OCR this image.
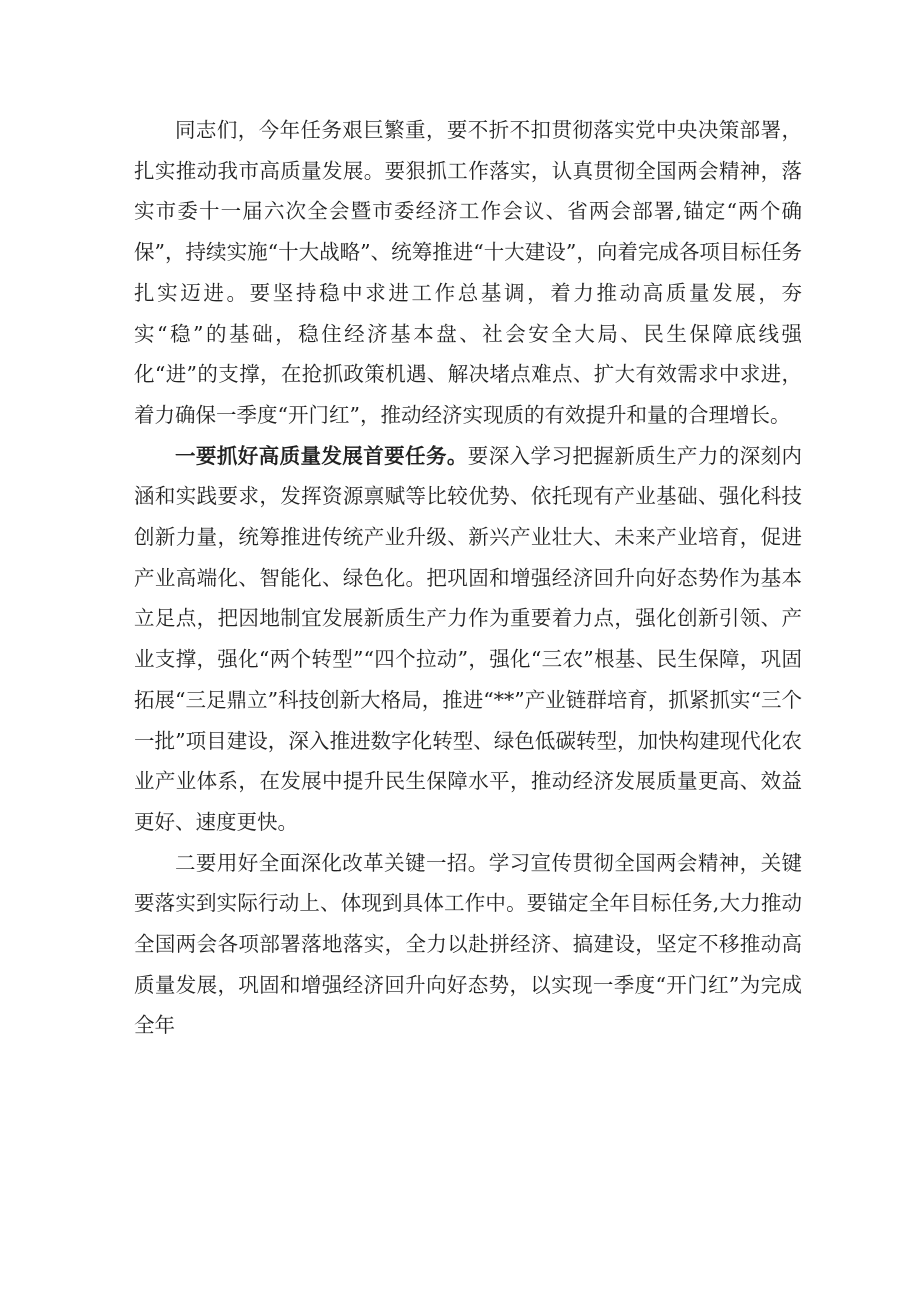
同志们，今年任务艰巨繁重，要不折不扣贯彻落实党中央决策部署，扎实推动我市高质量发展。要狠抓工作落实，认真贯彻全国两会精神，落实市委十一届六次全会暨市委经济工作会议、省两会部署,锚定“两个确保”，持续实施“十大战略”、统筹推进“十大建设”，向着完成各项目标任务扎实迈进。要坚持稳中求进工作总基调，着力推动高质量发展，夯实“稳”的基础，稳住经济基本盘、社会安全大局、民生保障底线强化“进”的支撑，在抢抓政策机遇、解决堵点难点、扩大有效需求中求进，着力确保一季度“开门红”，推动经济实现质的有效提升和量的合理增长。

一要抓好高质量发展首要任务。要深入学习把握新质生产力的深刻内涵和实践要求，发挥资源禀赋等比较优势、依托现有产业基础、强化科技创新力量，统筹推进传统产业升级、新兴产业壮大、未来产业培育，促进产业高端化、智能化、绿色化。把巩固和增强经济回升向好态势作为基本立足点，把因地制宜发展新质生产力作为重要着力点，强化创新引领、产业支撑，强化“两个转型”“四个拉动”，强化“三农”根基、民生保障，巩固拓展“三足鼎立”科技创新大格局，推进“**”产业链群培育，抓紧抓实“三个一批”项目建设，深入推进数字化转型、绿色低碳转型，加快构建现代化农业产业体系，在发展中提升民生保障水平，推动经济发展质量更高、效益更好、速度更快。

二要用好全面深化改革关键一招。学习宣传贯彻全国两会精神，关键要落实到实际行动上、体现到具体工作中。要锚定全年目标任务,大力推动全国两会各项部署落地落实，全力以赴拼经济、搞建设，坚定不移推动高质量发展，巩固和增强经济回升向好态势，以实现一季度“开门红”为完成全年
